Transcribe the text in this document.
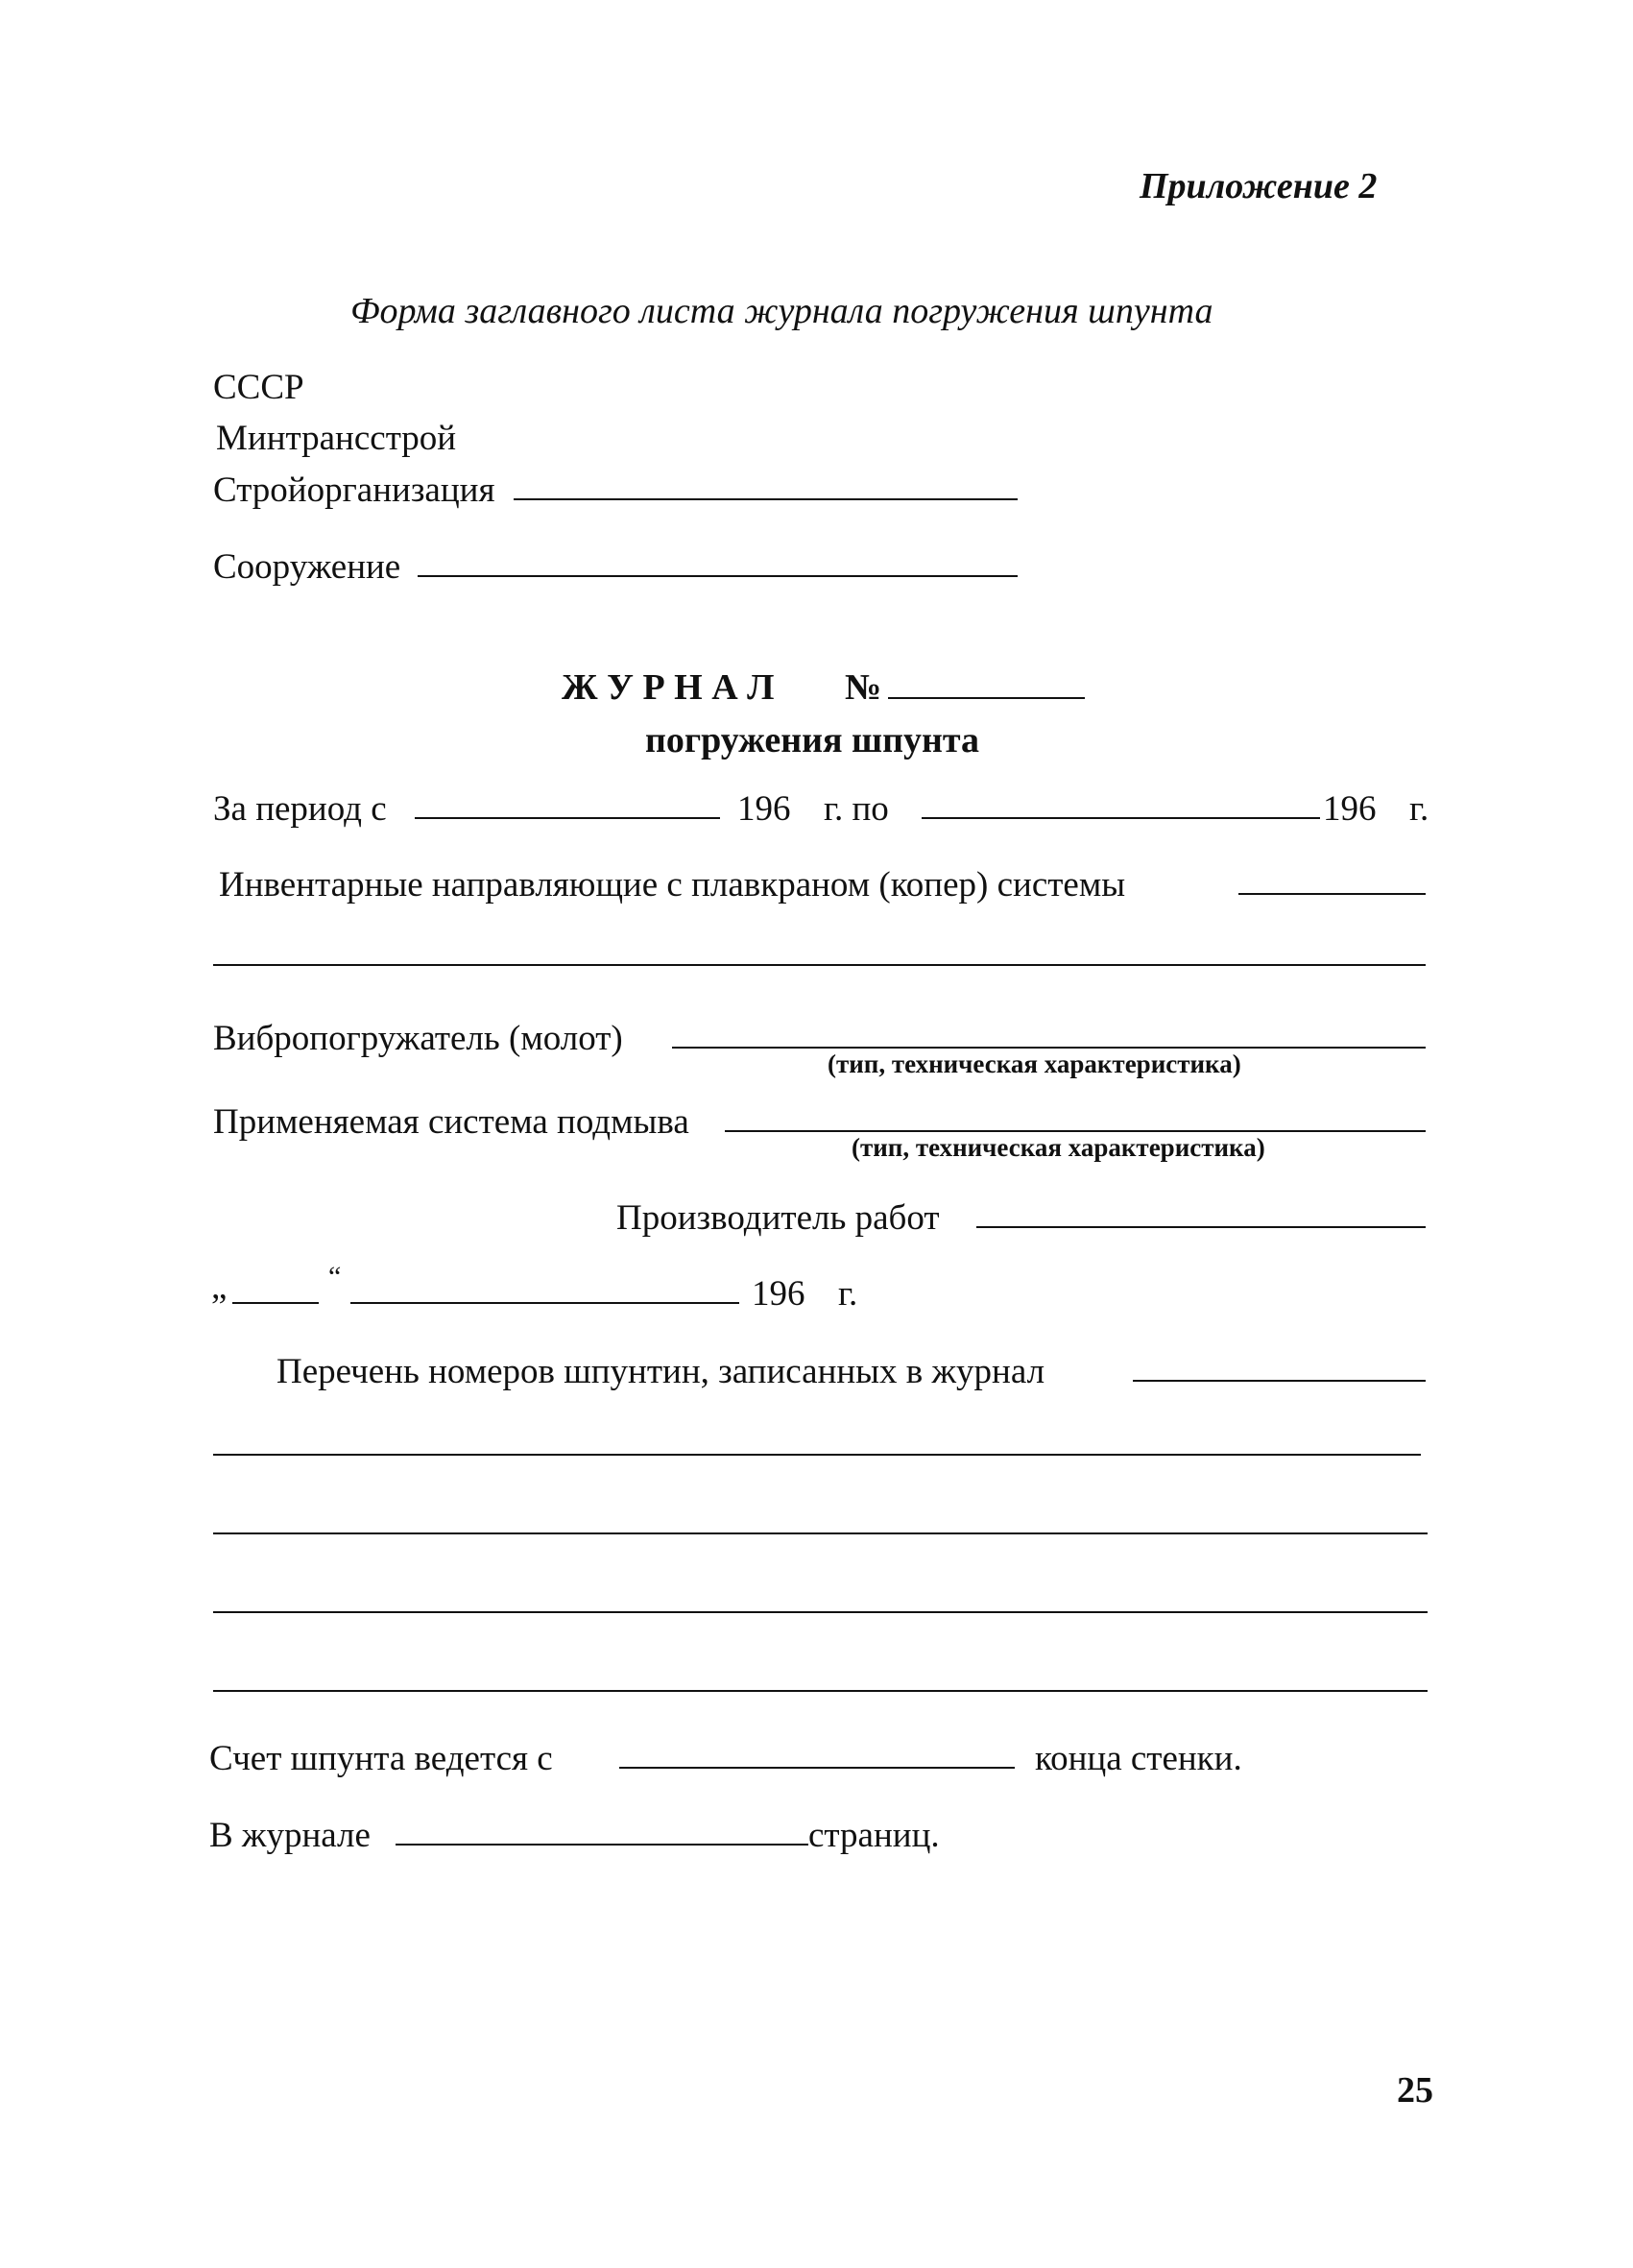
Приложение 2
Форма заглавного листа журнала погружения шпунта
СССР
Минтрансстрой
Стройорганизация
Сооружение
Ж У Р Н А Л №
погружения шпунта
За период с	196 г. по	196 г.
Инвентарные направляющие с плавкраном (копер) системы
Вибропогружатель (молот)
(тип, техническая характеристика)
Применяемая система подмыва
(тип, техническая характеристика)
Производитель работ
„	“	196 г.
Перечень номеров шпунтин, записанных в журнал
Счет шпунта ведется с	конца стенки.
В журнале	страниц.
25
